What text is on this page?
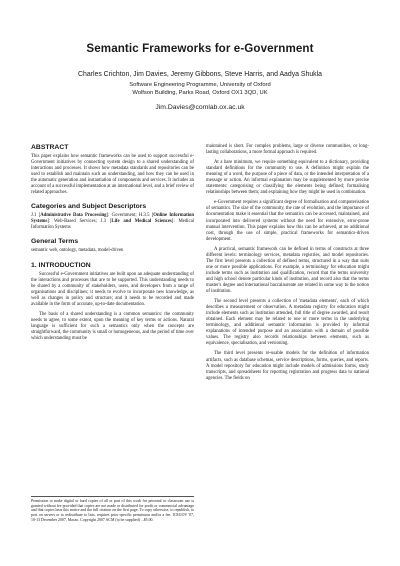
Semantic Frameworks for e-Government
Charles Crichton, Jim Davies, Jeremy Gibbons, Steve Harris, and Aadya Shukla
Software Engineering Programme, University of Oxford
Wolfson Building, Parks Road, Oxford OX1 3QD, UK
Jim.Davies@comlab.ox.ac.uk
ABSTRACT

This paper explains how semantic frameworks can be used to support successful e-Government initiatives by connecting system design to a shared understanding of interactions and processes. It shows how metadata standards and repositories can be used to establish and maintain such an understanding, and how they can be used in the automatic generation and instantiation of components and services. It includes an account of a successful implementation at an international level, and a brief review of related approaches.

Categories and Subject Descriptors

J.1 [Administrative Data Processing]: Government; H.3.5 [Online Information Systems]: Web-Based Services; J.3 [Life and Medical Sciences]: Medical Information Systems

General Terms

semantic web, ontology, metadata, model-driven

1. INTRODUCTION

Successful e-Government initiatives are built upon an adequate understanding of the interactions and processes that are to be supported. This understanding needs to be shared by a community of stakeholders, users, and developers from a range of organisations and disciplines; it needs to evolve to incorporate new knowledge, as well as changes in policy and structure; and it needs to be recorded and made available in the form of accurate, up-to-date documentation.

The basis of a shared understanding is a common semantics: the community needs to agree, to some extent, upon the meaning of key terms or actions. Natural language is sufficient for such a semantics only when the concepts are straightforward, the community is small or homogeneous, and the period of time over which understanding must be

Permission to make digital or hard copies of all or part of this work for personal or classroom use is granted without fee provided that copies are not made or distributed for profit or commercial advantage and that copies bear this notice and the full citation on the first page. To copy otherwise, to republish, to post on servers or to redistribute to lists, requires prior specific permission and/or a fee. ICEGOV '07, 10-13 December 2007, Macao. Copyright 2007 ACM (to be supplied) ...$5.00.

maintained is short. For complex problems, large or diverse communities, or long-lasting collaborations, a more formal approach is required.

At a bare minimum, we require something equivalent to a dictionary, providing standard definitions for the community to use. A definition might explain the meaning of a word, the purpose of a piece of data, or the intended interpretation of a message or action. An informal explanation may be supplemented by more precise statements: categorising or classifying the elements being defined; formalising relationships between them; and explaining how they might be used in combination.

e-Government requires a significant degree of formalisation and computerisation of semantics. The size of the community, the rate of evolution, and the importance of documentation make it essential that the semantics can be accessed, maintained, and incorporated into delivered systems without the need for extensive, error-prone manual intervention. This paper explains how this can be achieved, at no additional cost, through the use of simple, practical frameworks for semantics-driven development.

A practical, semantic framework can be defined in terms of constructs at three different levels: terminology services, metadata registries, and model repositories. The first level presents a collection of defined terms, structured in a way that suits one or more possible applications. For example, a terminology for education might include terms such as institution and qualification, record that the terms university and high school denote particular kinds of institution, and record also that the terms master's degree and international baccalaureate are related in some way to the notion of institution.

The second level presents a collection of 'metadata elements', each of which describes a measurement or observation. A metadata registry for education might include elements such as institution attended, full title of degree awarded, and result obtained. Each element may be related to one or more terms in the underlying terminology, and additional semantic information is provided by informal explanations of intended purpose and an association with a domain of possible values. The registry also records relationships between elements, such as equivalence, specialisation, and versioning.

The third level presents re-usable models for the definition of information artifacts, such as database schemas, service descriptions, forms, queries, and reports. A model repository for education might include models of admissions forms, study transcripts, and spreadsheets for reporting registration and progress data to national agencies. The fields on
